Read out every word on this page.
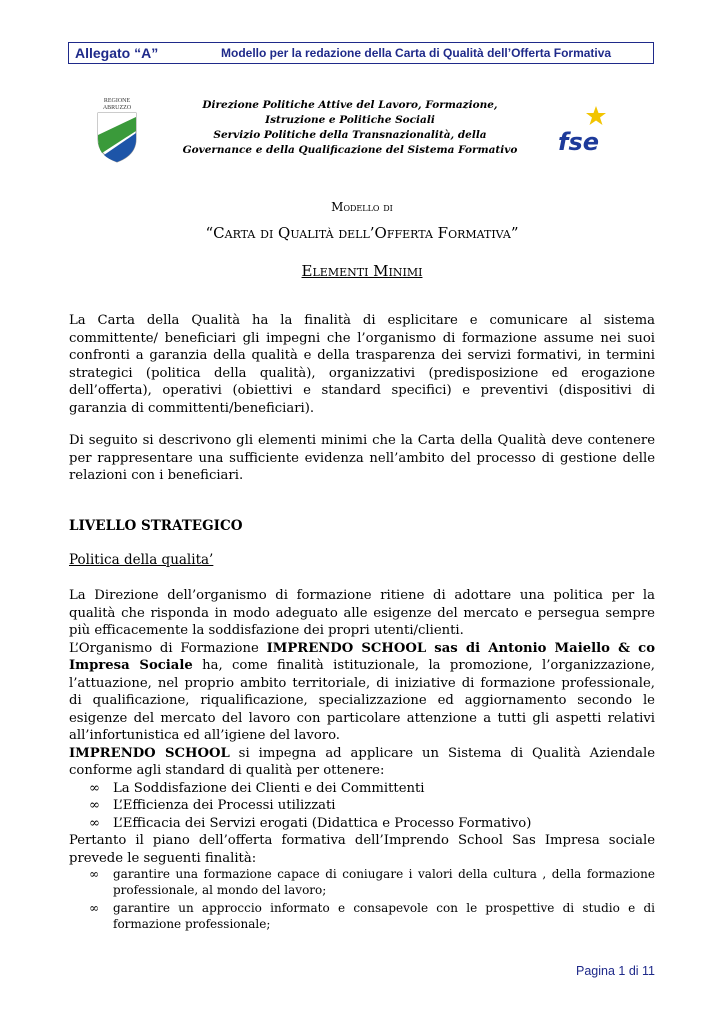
Allegato “A”	Modello per la redazione della Carta di Qualità dell’Offerta Formativa
REGIONE
ABRUZZO	Direzione Politiche Attive del Lavoro, Formazione,
Istruzione e Politiche Sociali
Servizio Politiche della Transnazionalità, della
Governance e della Qualificazione del Sistema Formativo	fse
Modello di
“Carta di Qualità dell’Offerta Formativa”
Elementi Minimi
La Carta della Qualità ha la finalità di esplicitare e comunicare al sistema committente/ beneficiari gli impegni che l’organismo di formazione assume nei suoi confronti a garanzia della qualità e della trasparenza dei servizi formativi, in termini strategici (politica della qualità), organizzativi (predisposizione ed erogazione dell’offerta), operativi (obiettivi e standard specifici) e preventivi (dispositivi di garanzia di committenti/beneficiari).
Di seguito si descrivono gli elementi minimi che la Carta della Qualità deve contenere per rappresentare una sufficiente evidenza nell’ambito del processo di gestione delle relazioni con i beneficiari.
LIVELLO STRATEGICO
Politica della qualita’
La Direzione dell’organismo di formazione ritiene di adottare una politica per la qualità che risponda in modo adeguato alle esigenze del mercato e persegua sempre più efficacemente la soddisfazione dei propri utenti/clienti.
L’Organismo di Formazione IMPRENDO SCHOOL sas di Antonio Maiello & co Impresa Sociale ha, come finalità istituzionale, la promozione, l’organizzazione, l’attuazione, nel proprio ambito territoriale, di iniziative di formazione professionale, di qualificazione, riqualificazione, specializzazione ed aggiornamento secondo le esigenze del mercato del lavoro con particolare attenzione a tutti gli aspetti relativi all’infortunistica ed all’igiene del lavoro.
IMPRENDO SCHOOL si impegna ad applicare un Sistema di Qualità Aziendale conforme agli standard di qualità per ottenere:
∞ La Soddisfazione dei Clienti e dei Committenti
∞ L’Efficienza dei Processi utilizzati
∞ L’Efficacia dei Servizi erogati (Didattica e Processo Formativo)
Pertanto il piano dell’offerta formativa dell’Imprendo School Sas Impresa sociale prevede le seguenti finalità:
∞ garantire una formazione capace di coniugare i valori della cultura , della formazione professionale, al mondo del lavoro;
∞ garantire un approccio informato e consapevole con le prospettive di studio e di formazione professionale;
Pagina 1 di 11
